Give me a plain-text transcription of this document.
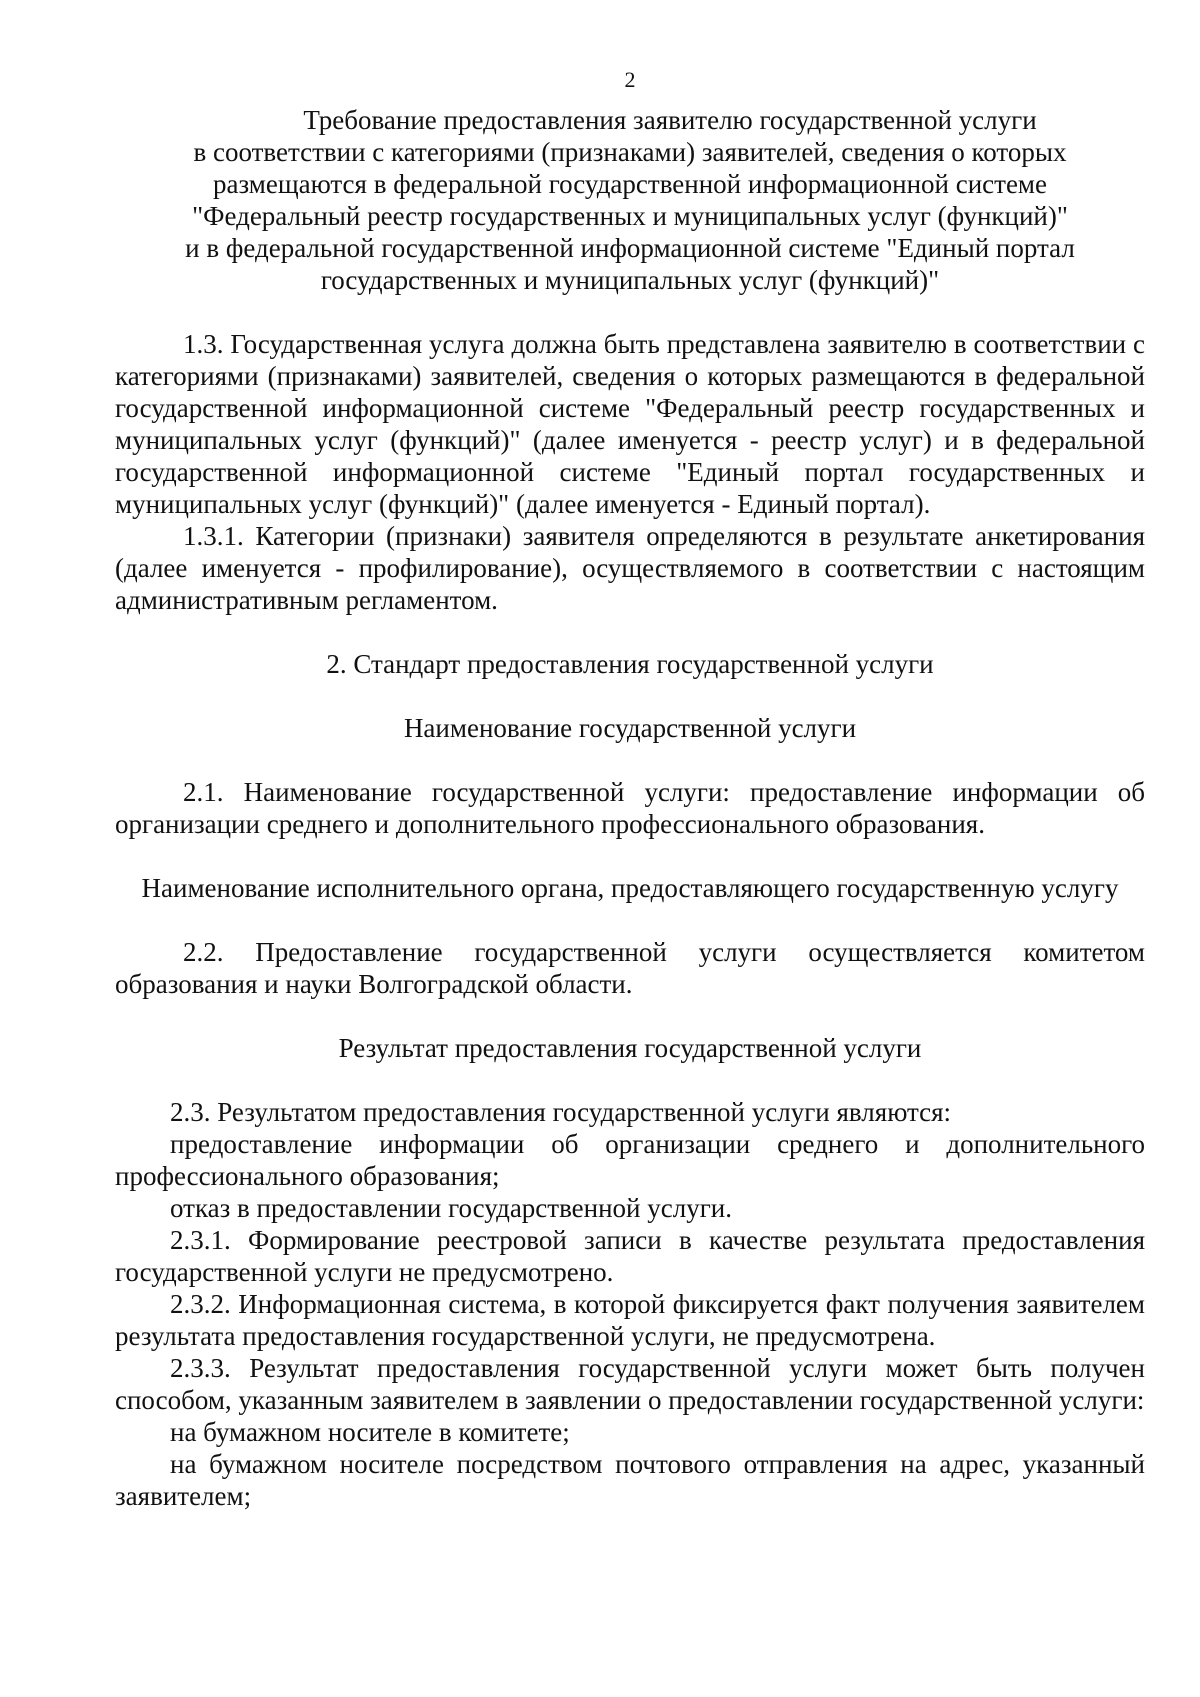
2

Требование предоставления заявителю государственной услуги

в соответствии с категориями (признаками) заявителей, сведения о которых

размещаются в федеральной государственной информационной системе

"Федеральный реестр государственных и муниципальных услуг (функций)"

и в федеральной государственной информационной системе "Единый портал

государственных и муниципальных услуг (функций)"

1.3. Государственная услуга должна быть представлена заявителю в соответствии с категориями (признаками) заявителей, сведения о которых размещаются в федеральной государственной информационной системе "Федеральный реестр государственных и муниципальных услуг (функций)" (далее именуется - реестр услуг) и в федеральной государственной информационной системе "Единый портал государственных и муниципальных услуг (функций)" (далее именуется - Единый портал).

1.3.1. Категории (признаки) заявителя определяются в результате анкетирования (далее именуется - профилирование), осуществляемого в соответствии с настоящим административным регламентом.

2. Стандарт предоставления государственной услуги

Наименование государственной услуги

2.1. Наименование государственной услуги: предоставление информации об организации среднего и дополнительного профессионального образования.

Наименование исполнительного органа, предоставляющего государственную услугу

2.2. Предоставление государственной услуги осуществляется комитетом образования и науки Волгоградской области.

Результат предоставления государственной услуги

2.3. Результатом предоставления государственной услуги являются:

предоставление информации об организации среднего и дополнительного профессионального образования;

отказ в предоставлении государственной услуги.

2.3.1. Формирование реестровой записи в качестве результата предоставления государственной услуги не предусмотрено.

2.3.2. Информационная система, в которой фиксируется факт получения заявителем результата предоставления государственной услуги, не предусмотрена.

2.3.3. Результат предоставления государственной услуги может быть получен способом, указанным заявителем в заявлении о предоставлении государственной услуги:

на бумажном носителе в комитете;

на бумажном носителе посредством почтового отправления на адрес, указанный заявителем;
